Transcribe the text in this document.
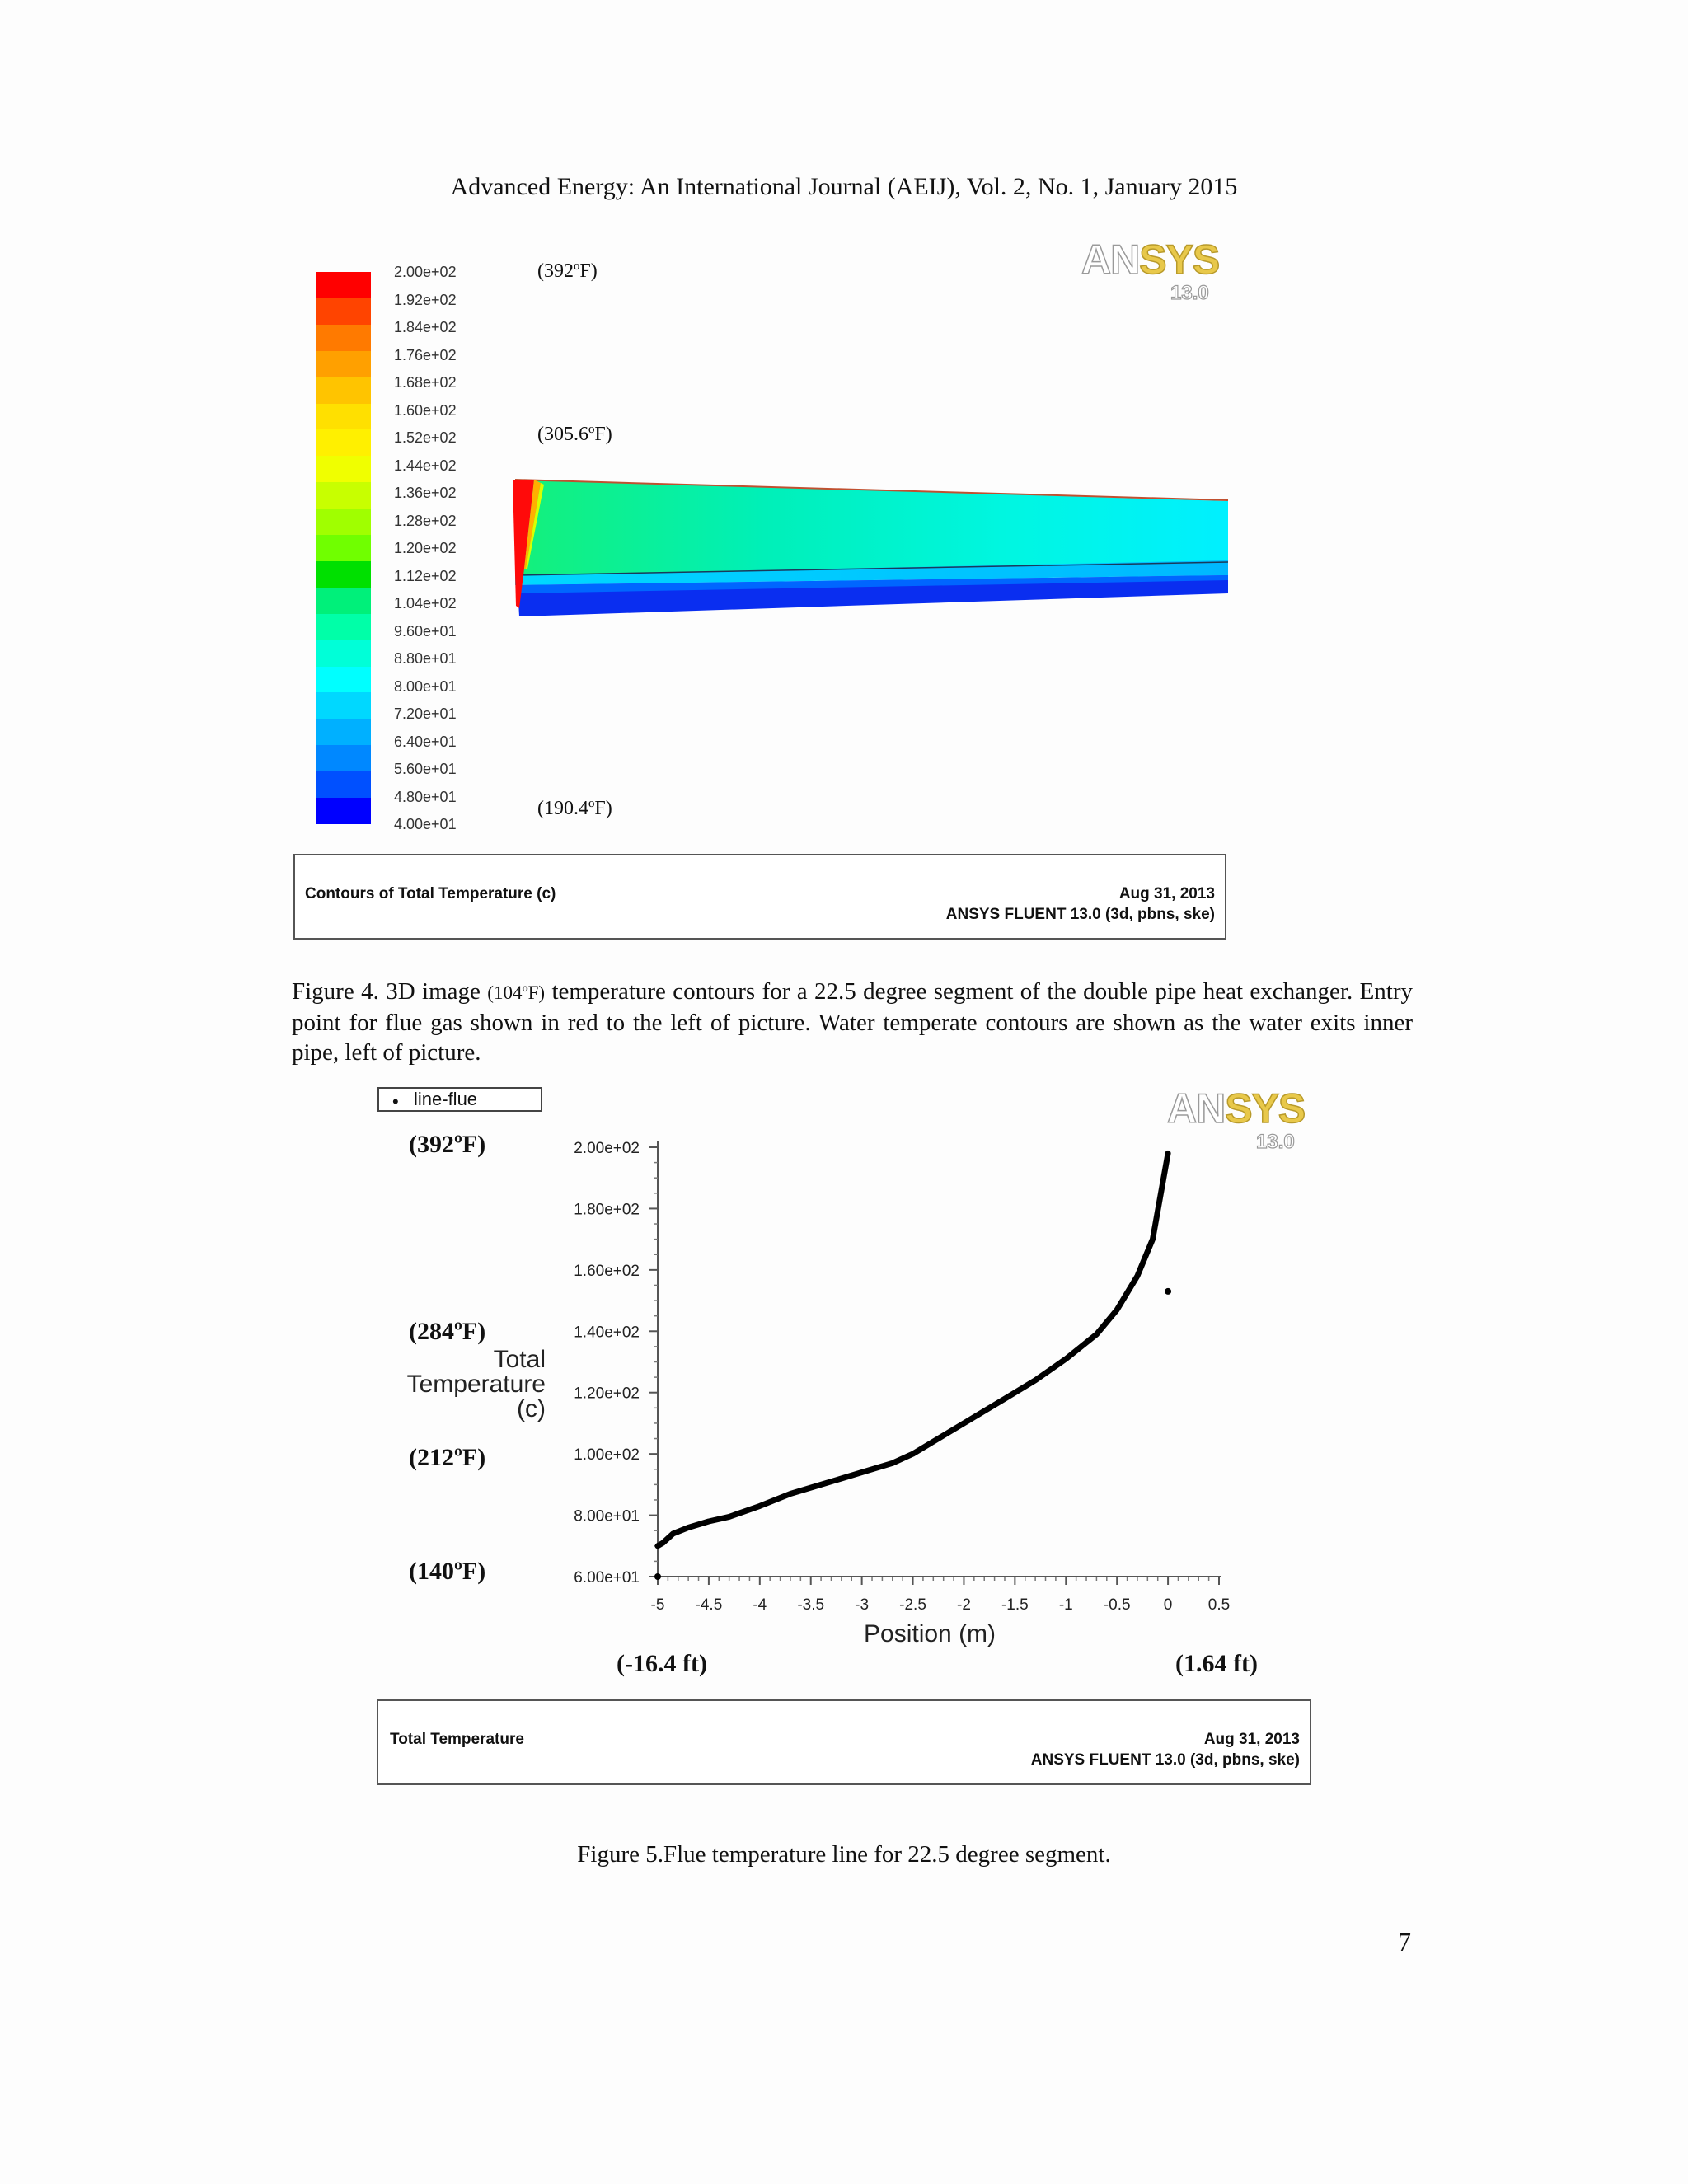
Advanced Energy: An International Journal (AEIJ), Vol. 2, No. 1, January 2015
2.00e+02
1.92e+02
1.84e+02
1.76e+02
1.68e+02
1.60e+02
1.52e+02
1.44e+02
1.36e+02
1.28e+02
1.20e+02
1.12e+02
1.04e+02
9.60e+01
8.80e+01
8.00e+01
7.20e+01
6.40e+01
5.60e+01
4.80e+01
4.00e+01
(392ºF)
(305.6ºF)
(190.4ºF)
ANSYS
13.0
Contours of Total Temperature (c)	Aug 31, 2013
ANSYS FLUENT 13.0 (3d, pbns, ske)
Figure 4. 3D image (104ºF) temperature contours for a 22.5 degree segment of the double pipe heat exchanger. Entry point for flue gas shown in red to the left of picture. Water temperate contours are shown as the water exits inner pipe, left of picture.
• line-flue	ANSYS
13.0
(392ºF)
(284ºF)
(212ºF)
(140ºF)
Total
Temperature
(c)
6.00e+01
8.00e+01
1.00e+02
1.20e+02
1.40e+02
1.60e+02
1.80e+02
2.00e+02
-5 -4.5 -4 -3.5 -3 -2.5 -2 -1.5 -1 -0.5 0 0.5
Position (m)
(-16.4 ft)	(1.64 ft)
Total Temperature	Aug 31, 2013
ANSYS FLUENT 13.0 (3d, pbns, ske)
Figure 5.Flue temperature line for 22.5 degree segment.
7
